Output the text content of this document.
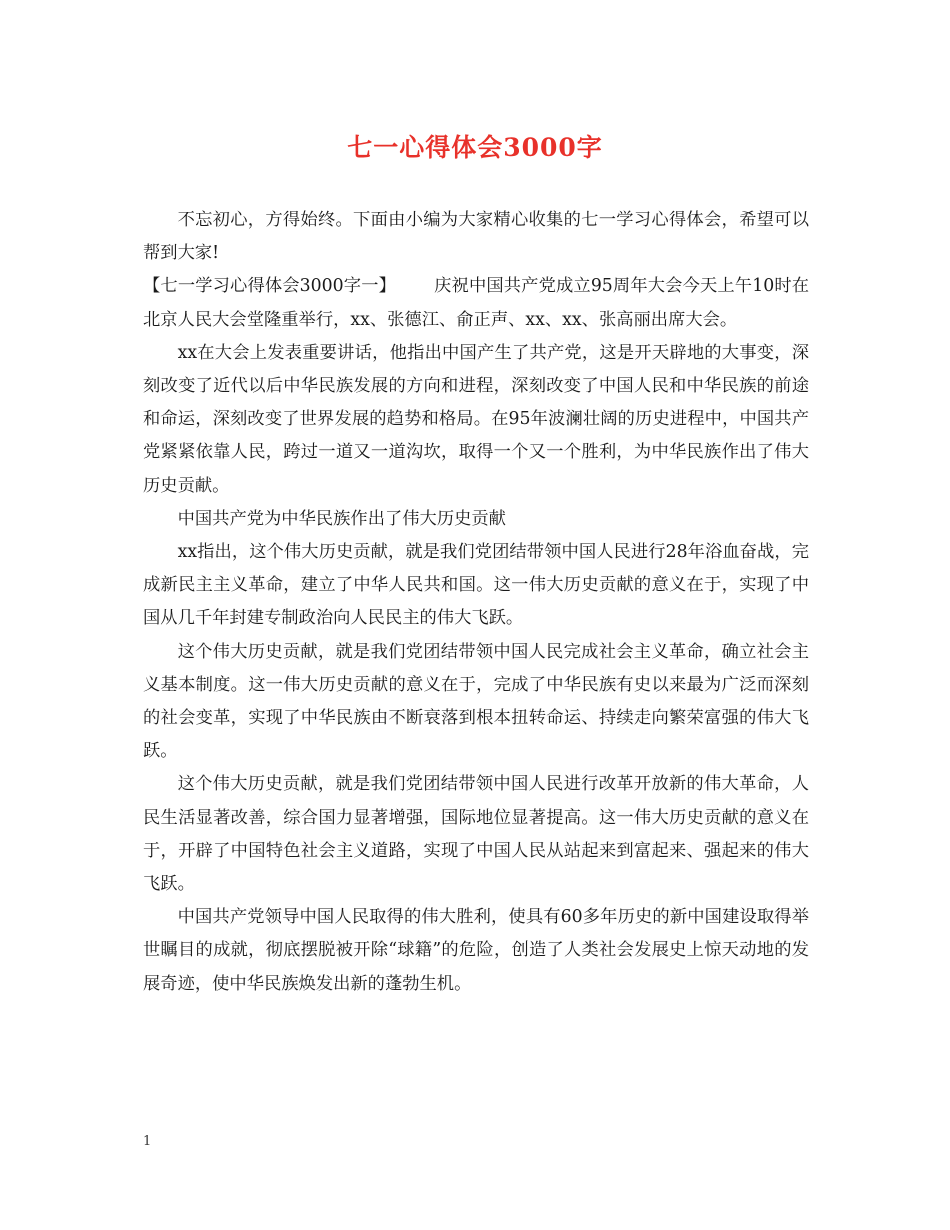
七一心得体会3000字

不忘初心，方得始终。下面由小编为大家精心收集的七一学习心得体会，希望可以帮到大家!

【七一学习心得体会3000字一】 庆祝中国共产党成立95周年大会今天上午10时在北京人民大会堂隆重举行，xx、张德江、俞正声、xx、xx、张高丽出席大会。

xx在大会上发表重要讲话，他指出中国产生了共产党，这是开天辟地的大事变，深刻改变了近代以后中华民族发展的方向和进程，深刻改变了中国人民和中华民族的前途和命运，深刻改变了世界发展的趋势和格局。在95年波澜壮阔的历史进程中，中国共产党紧紧依靠人民，跨过一道又一道沟坎，取得一个又一个胜利，为中华民族作出了伟大历史贡献。

中国共产党为中华民族作出了伟大历史贡献

xx指出，这个伟大历史贡献，就是我们党团结带领中国人民进行28年浴血奋战，完成新民主主义革命，建立了中华人民共和国。这一伟大历史贡献的意义在于，实现了中国从几千年封建专制政治向人民民主的伟大飞跃。

这个伟大历史贡献，就是我们党团结带领中国人民完成社会主义革命，确立社会主义基本制度。这一伟大历史贡献的意义在于，完成了中华民族有史以来最为广泛而深刻的社会变革，实现了中华民族由不断衰落到根本扭转命运、持续走向繁荣富强的伟大飞跃。

这个伟大历史贡献，就是我们党团结带领中国人民进行改革开放新的伟大革命，人民生活显著改善，综合国力显著增强，国际地位显著提高。这一伟大历史贡献的意义在于，开辟了中国特色社会主义道路，实现了中国人民从站起来到富起来、强起来的伟大飞跃。

中国共产党领导中国人民取得的伟大胜利，使具有60多年历史的新中国建设取得举世瞩目的成就，彻底摆脱被开除“球籍”的危险，创造了人类社会发展史上惊天动地的发展奇迹，使中华民族焕发出新的蓬勃生机。

1
